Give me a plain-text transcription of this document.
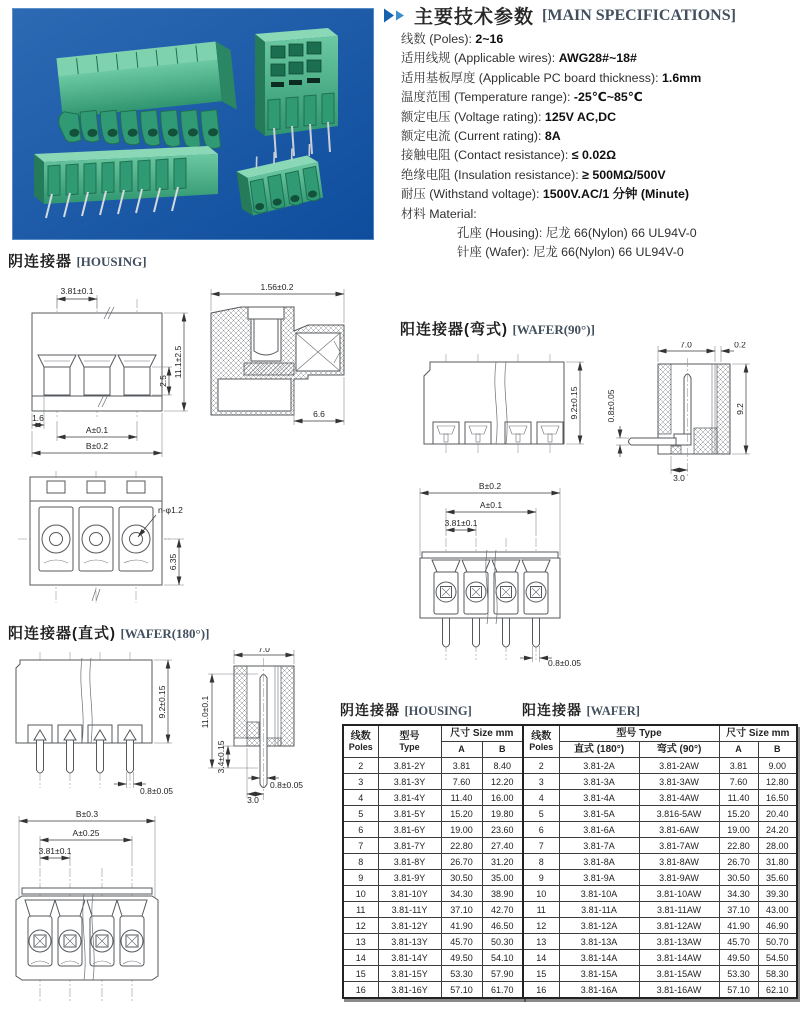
主要技术参数 [MAIN SPECIFICATIONS]
线数 (Poles): 2~16
适用线规 (Applicable wires): AWG28#~18#
适用基板厚度 (Applicable PC board thickness): 1.6mm
温度范围 (Temperature range): -25℃~85℃
额定电压 (Voltage rating): 125V AC,DC
额定电流 (Current rating): 8A
接触电阻 (Contact resistance): ≤ 0.02Ω
绝缘电阻 (Insulation resistance): ≥ 500MΩ/500V
耐压 (Withstand voltage): 1500V.AC/1 分钟 (Minute)
材料 Material:
孔座 (Housing): 尼龙 66(Nylon) 66 UL94V-0
针座 (Wafer): 尼龙 66(Nylon) 66 UL94V-0
阴连接器 [HOUSING]
3.81±0.1
2.5
11.1±2.5
1.6
A±0.1
B±0.2
1.56±0.2
6.6
阳连接器(弯式) [WAFER(90°)]
9.2±0.15
7.0	0.2
0.8±0.05	9.2
3.0
n-φ1.2
6.35
B±0.2
A±0.1
3.81±0.1
0.8±0.05
阳连接器(直式) [WAFER(180°)]
9.2±0.15
0.8±0.05
7.0
11.0±0.1
3.4±0.15
0.8±0.05
3.0
B±0.3
A±0.25
3.81±0.1
阴连接器 [HOUSING]
线数
Poles	型号
Type	尺寸 Size mm	
		A	B
2	3.81-2Y	3.81	8.40
3	3.81-3Y	7.60	12.20
4	3.81-4Y	11.40	16.00
5	3.81-5Y	15.20	19.80
6	3.81-6Y	19.00	23.60
7	3.81-7Y	22.80	27.40
8	3.81-8Y	26.70	31.20
9	3.81-9Y	30.50	35.00
10	3.81-10Y	34.30	38.90
11	3.81-11Y	37.10	42.70
12	3.81-12Y	41.90	46.50
13	3.81-13Y	45.70	50.30
14	3.81-14Y	49.50	54.10
15	3.81-15Y	53.30	57.90
16	3.81-16Y	57.10	61.70
阳连接器 [WAFER]
线数
Poles	型号 Type		尺寸 Size mm	
	直式 (180°)	弯式 (90°)	A	B
2	3.81-2A	3.81-2AW	3.81	9.00
3	3.81-3A	3.81-3AW	7.60	12.80
4	3.81-4A	3.81-4AW	11.40	16.50
5	3.81-5A	3.816-5AW	15.20	20.40
6	3.81-6A	3.81-6AW	19.00	24.20
7	3.81-7A	3.81-7AW	22.80	28.00
8	3.81-8A	3.81-8AW	26.70	31.80
9	3.81-9A	3.81-9AW	30.50	35.60
10	3.81-10A	3.81-10AW	34.30	39.30
11	3.81-11A	3.81-11AW	37.10	43.00
12	3.81-12A	3.81-12AW	41.90	46.90
13	3.81-13A	3.81-13AW	45.70	50.70
14	3.81-14A	3.81-14AW	49.50	54.50
15	3.81-15A	3.81-15AW	53.30	58.30
16	3.81-16A	3.81-16AW	57.10	62.10
